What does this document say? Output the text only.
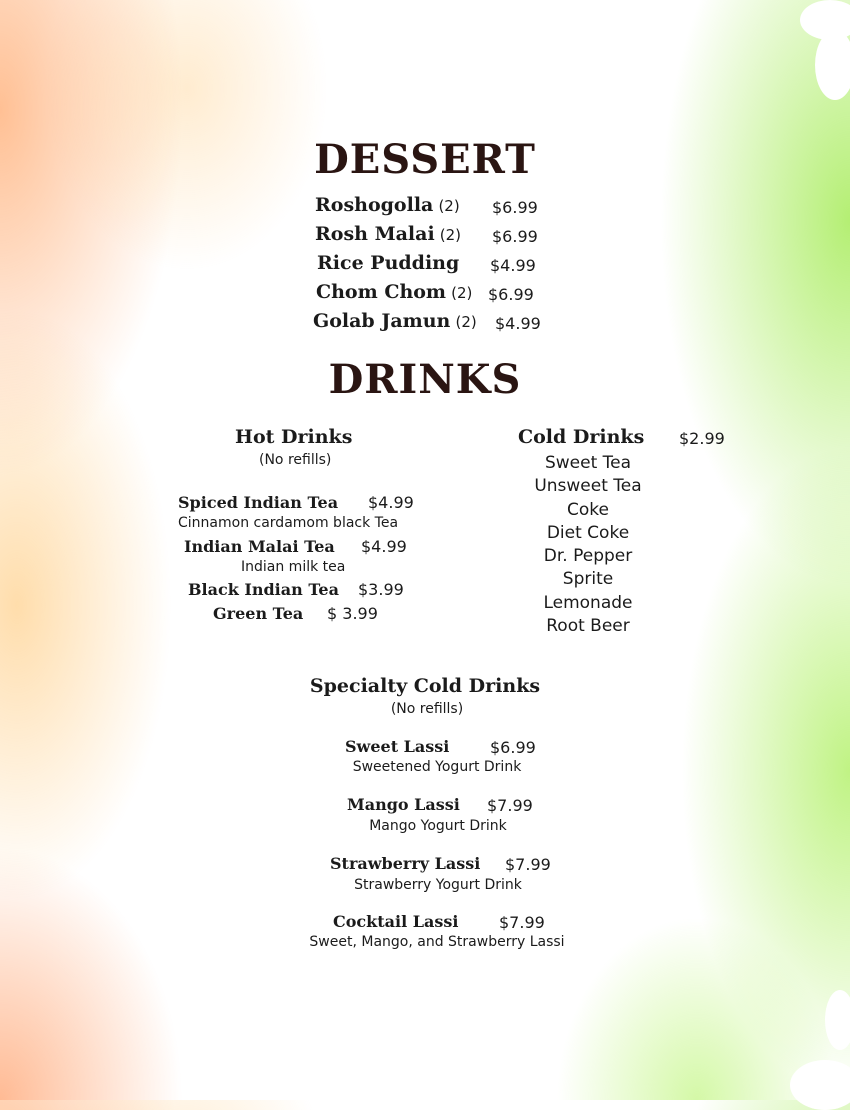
DESSERT
Roshogolla (2) $6.99
Rosh Malai (2) $6.99
Rice Pudding $4.99
Chom Chom (2) $6.99
Golab Jamun (2) $4.99
DRINKS
Hot Drinks
(No refills)
Spiced Indian Tea $4.99
Cinnamon cardamom black Tea
Indian Malai Tea $4.99
Indian milk tea
Black Indian Tea $3.99
Green Tea $ 3.99
Cold Drinks $2.99
Sweet Tea
Unsweet Tea
Coke
Diet Coke
Dr. Pepper
Sprite
Lemonade
Root Beer
Specialty Cold Drinks
(No refills)
Sweet Lassi	$6.99
Sweetened Yogurt Drink
Mango Lassi $7.99
Mango Yogurt Drink
Strawberry Lassi $7.99
Strawberry Yogurt Drink
Cocktail Lassi	$7.99
Sweet, Mango, and Strawberry Lassi
